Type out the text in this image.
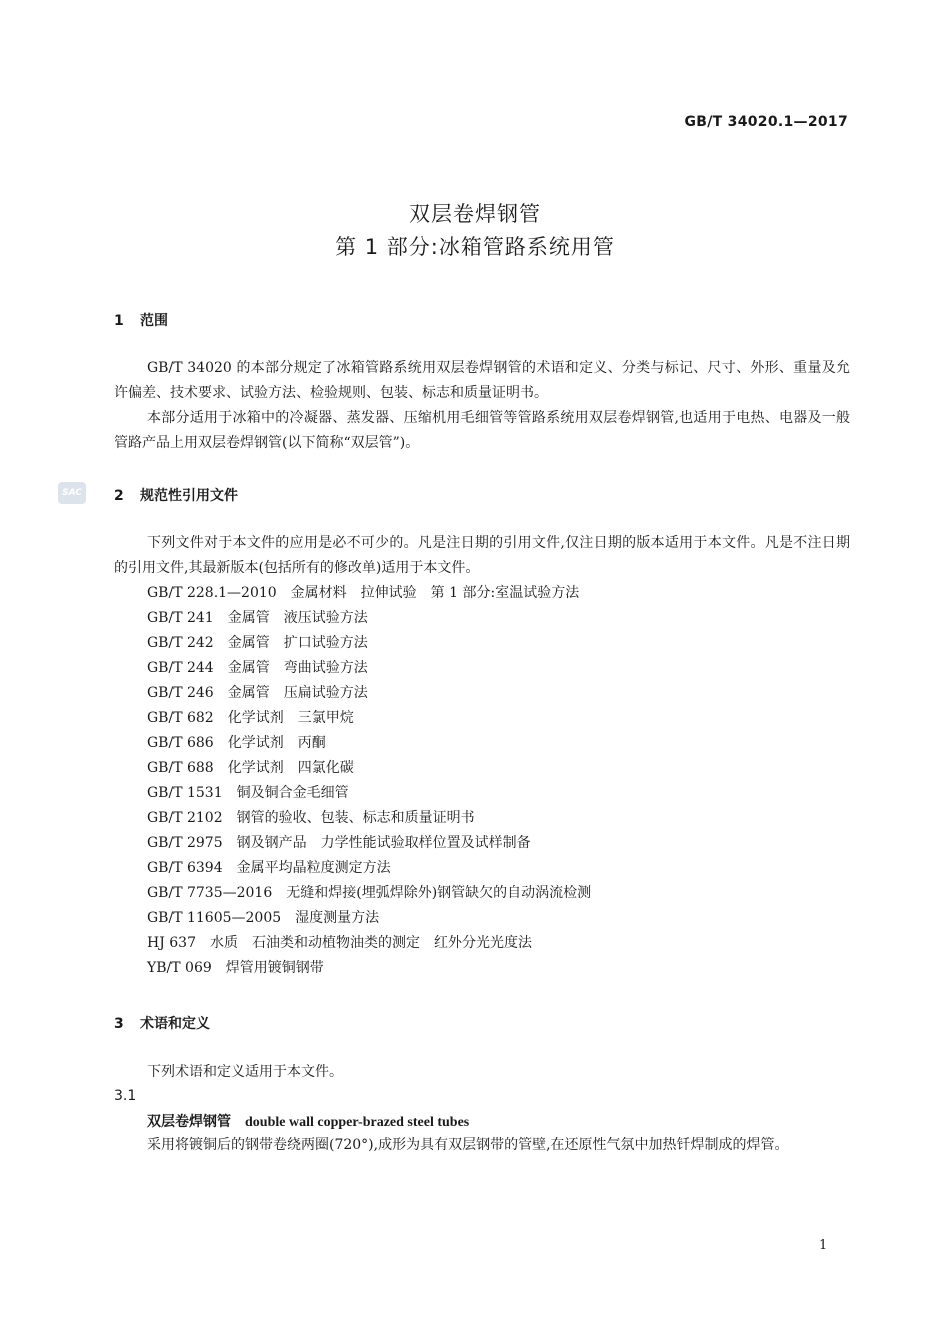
GB/T 34020.1—2017
双层卷焊钢管
第 1 部分:冰箱管路系统用管
1 范围
GB/T 34020 的本部分规定了冰箱管路系统用双层卷焊钢管的术语和定义、分类与标记、尺寸、外形、重量及允许偏差、技术要求、试验方法、检验规则、包装、标志和质量证明书。
本部分适用于冰箱中的冷凝器、蒸发器、压缩机用毛细管等管路系统用双层卷焊钢管,也适用于电热、电器及一般管路产品上用双层卷焊钢管(以下简称“双层管”)。
SAC 2 规范性引用文件
下列文件对于本文件的应用是必不可少的。凡是注日期的引用文件,仅注日期的版本适用于本文件。凡是不注日期的引用文件,其最新版本(包括所有的修改单)适用于本文件。
GB/T 228.1—2010　金属材料　拉伸试验　第 1 部分:室温试验方法
GB/T 241　金属管　液压试验方法
GB/T 242　金属管　扩口试验方法
GB/T 244　金属管　弯曲试验方法
GB/T 246　金属管　压扁试验方法
GB/T 682　化学试剂　三氯甲烷
GB/T 686　化学试剂　丙酮
GB/T 688　化学试剂　四氯化碳
GB/T 1531　铜及铜合金毛细管
GB/T 2102　钢管的验收、包装、标志和质量证明书
GB/T 2975　钢及钢产品　力学性能试验取样位置及试样制备
GB/T 6394　金属平均晶粒度测定方法
GB/T 7735—2016　无缝和焊接(埋弧焊除外)钢管缺欠的自动涡流检测
GB/T 11605—2005　湿度测量方法
HJ 637　水质　石油类和动植物油类的测定　红外分光光度法
YB/T 069　焊管用镀铜钢带
3 术语和定义
下列术语和定义适用于本文件。
3.1
双层卷焊钢管 double wall copper-brazed steel tubes
采用将镀铜后的钢带卷绕两圈(720°),成形为具有双层钢带的管壁,在还原性气氛中加热钎焊制成的焊管。
1
